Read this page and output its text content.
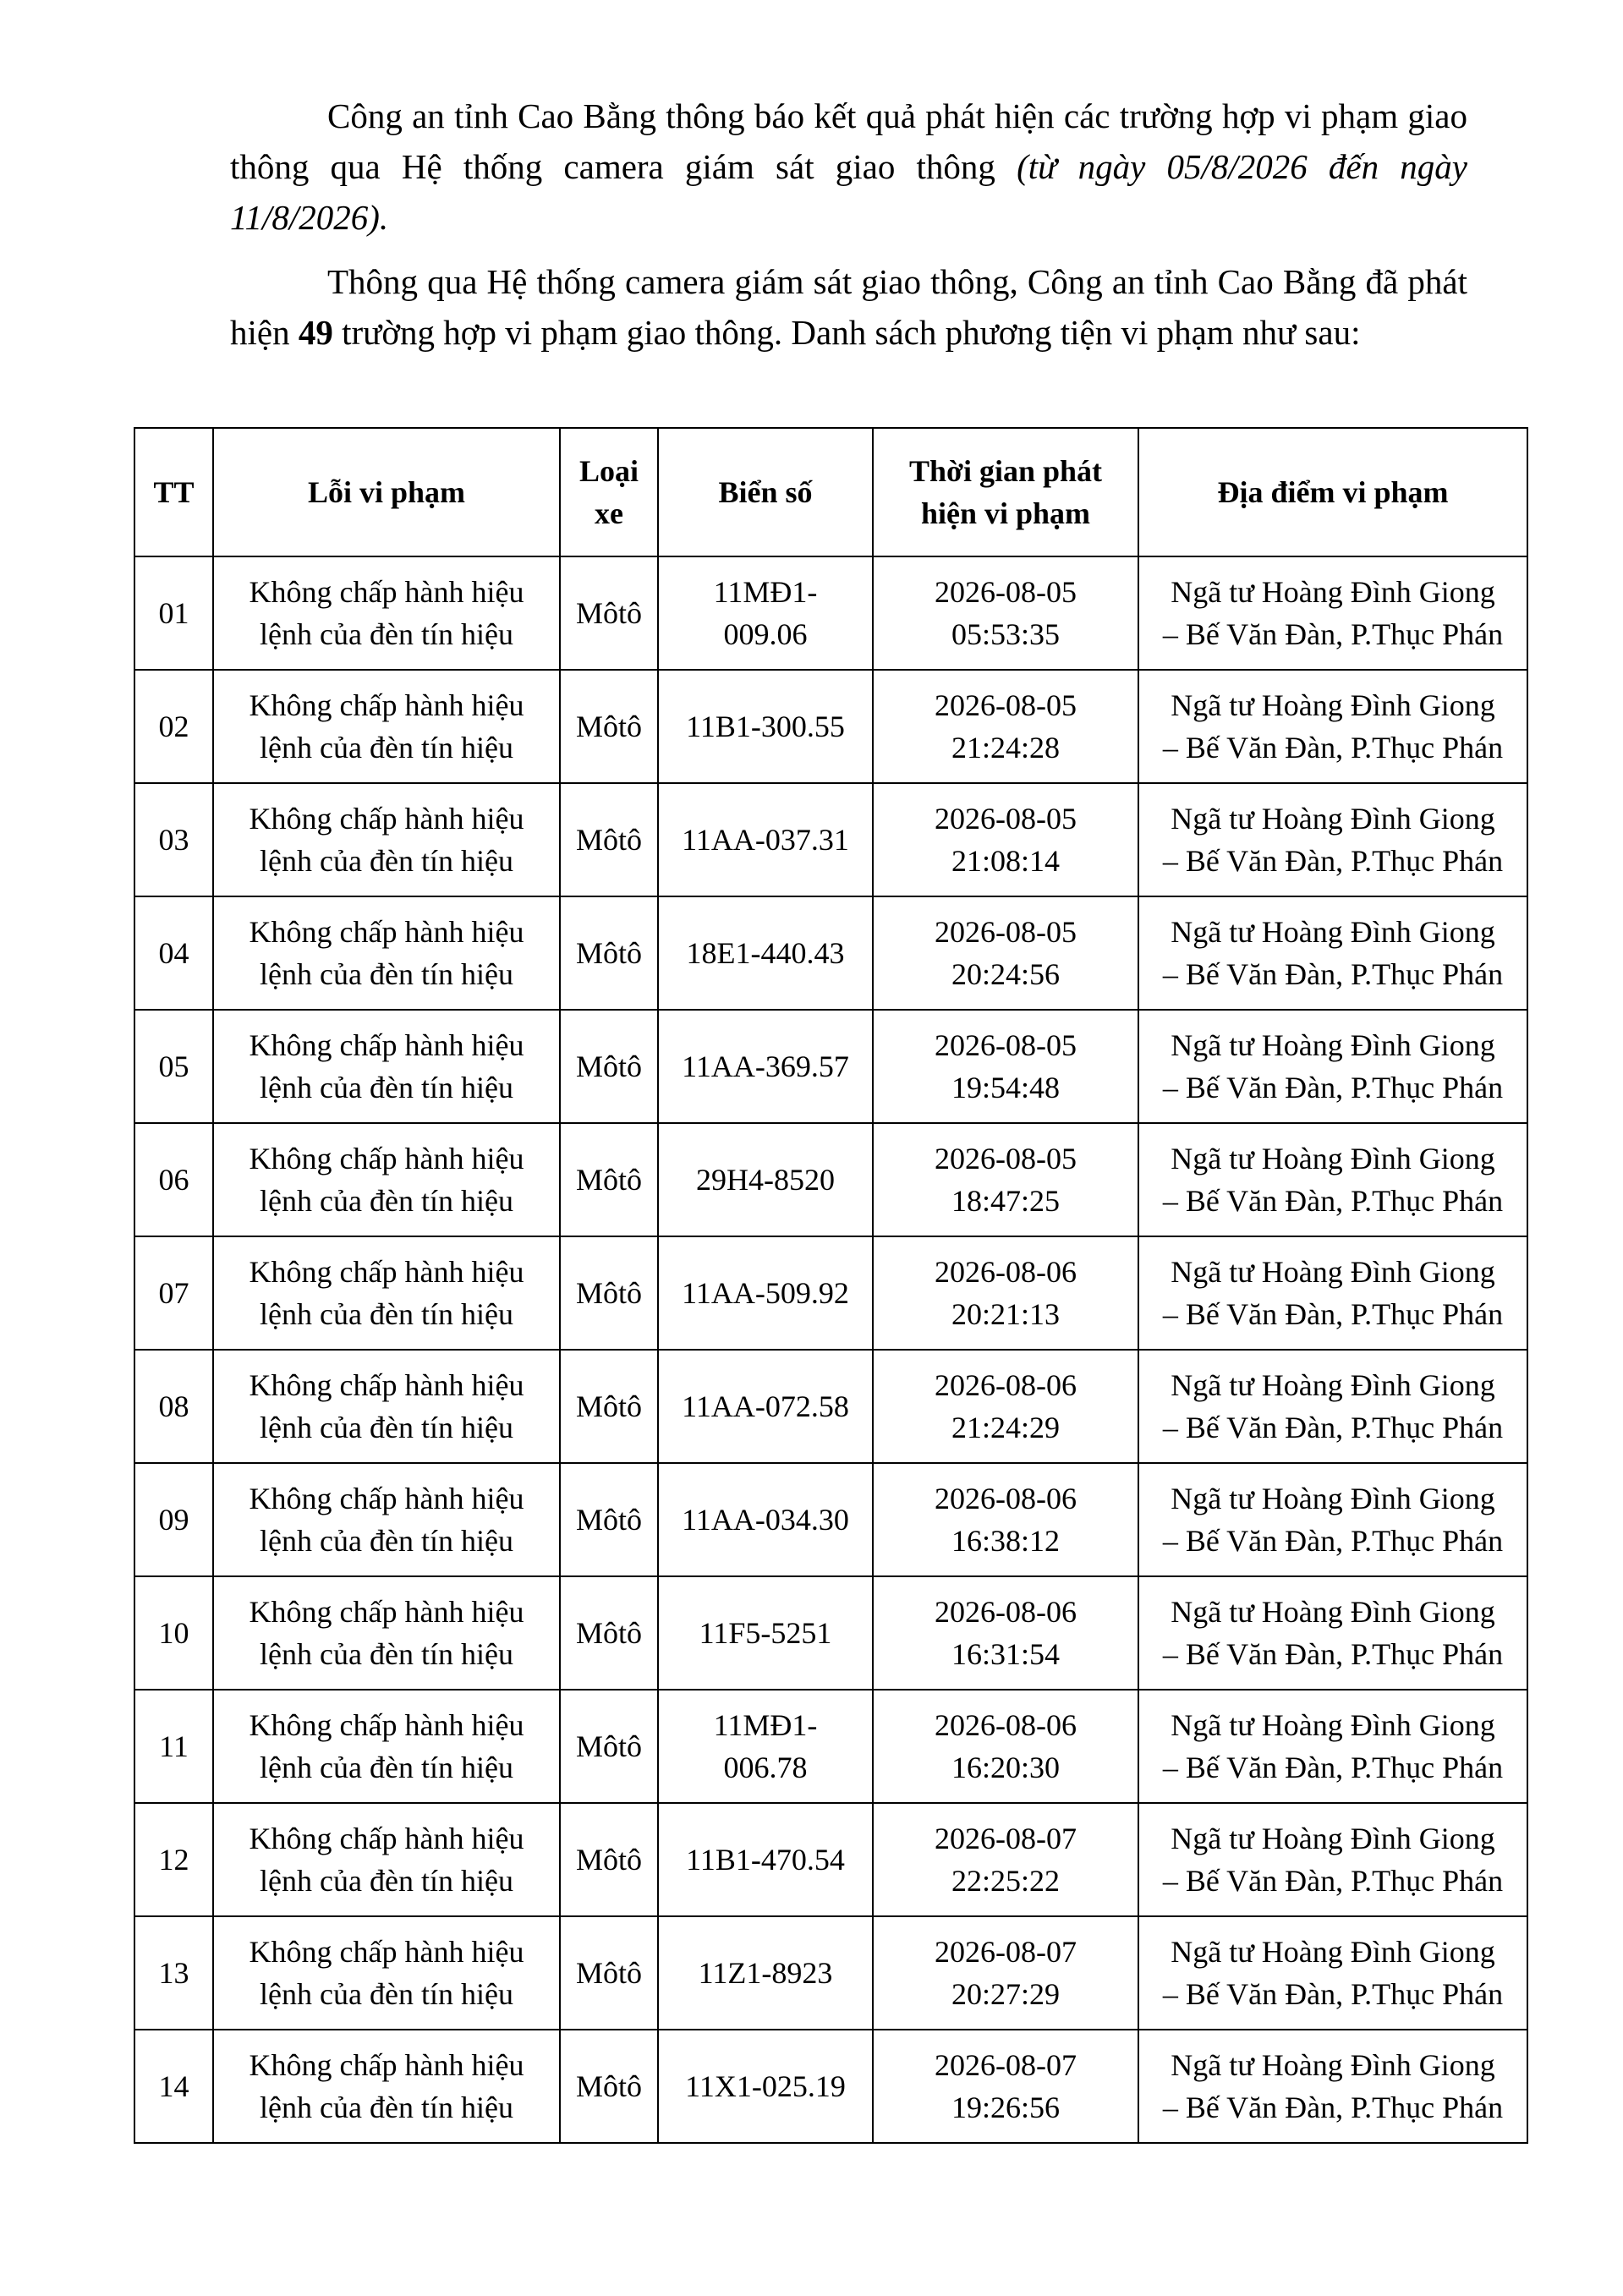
Công an tỉnh Cao Bằng thông báo kết quả phát hiện các trường hợp vi phạm giao thông qua Hệ thống camera giám sát giao thông (từ ngày 05/8/2026 đến ngày 11/8/2026).

Thông qua Hệ thống camera giám sát giao thông, Công an tỉnh Cao Bằng đã phát hiện 49 trường hợp vi phạm giao thông. Danh sách phương tiện vi phạm như sau:

TT	Lỗi vi phạm	Loại
xe	Biển số	Thời gian phát
hiện vi phạm	Địa điểm vi phạm
01	Không chấp hành hiệu
lệnh của đèn tín hiệu	Môtô	11MĐ1-
009.06	2026-08-05
05:53:35	Ngã tư Hoàng Đình Giong
– Bế Văn Đàn, P.Thục Phán

02	Không chấp hành hiệu
lệnh của đèn tín hiệu	Môtô	11B1-300.55	2026-08-05
21:24:28	Ngã tư Hoàng Đình Giong
– Bế Văn Đàn, P.Thục Phán

03	Không chấp hành hiệu
lệnh của đèn tín hiệu	Môtô	11AA-037.31	2026-08-05
21:08:14	Ngã tư Hoàng Đình Giong
– Bế Văn Đàn, P.Thục Phán

04	Không chấp hành hiệu
lệnh của đèn tín hiệu	Môtô	18E1-440.43	2026-08-05
20:24:56	Ngã tư Hoàng Đình Giong
– Bế Văn Đàn, P.Thục Phán

05	Không chấp hành hiệu
lệnh của đèn tín hiệu	Môtô	11AA-369.57	2026-08-05
19:54:48	Ngã tư Hoàng Đình Giong
– Bế Văn Đàn, P.Thục Phán

06	Không chấp hành hiệu
lệnh của đèn tín hiệu	Môtô	29H4-8520	2026-08-05
18:47:25	Ngã tư Hoàng Đình Giong
– Bế Văn Đàn, P.Thục Phán

07	Không chấp hành hiệu
lệnh của đèn tín hiệu	Môtô	11AA-509.92	2026-08-06
20:21:13	Ngã tư Hoàng Đình Giong
– Bế Văn Đàn, P.Thục Phán

08	Không chấp hành hiệu
lệnh của đèn tín hiệu	Môtô	11AA-072.58	2026-08-06
21:24:29	Ngã tư Hoàng Đình Giong
– Bế Văn Đàn, P.Thục Phán

09	Không chấp hành hiệu
lệnh của đèn tín hiệu	Môtô	11AA-034.30	2026-08-06
16:38:12	Ngã tư Hoàng Đình Giong
– Bế Văn Đàn, P.Thục Phán

10	Không chấp hành hiệu
lệnh của đèn tín hiệu	Môtô	11F5-5251	2026-08-06
16:31:54	Ngã tư Hoàng Đình Giong
– Bế Văn Đàn, P.Thục Phán

11	Không chấp hành hiệu
lệnh của đèn tín hiệu	Môtô	11MĐ1-
006.78	2026-08-06
16:20:30	Ngã tư Hoàng Đình Giong
– Bế Văn Đàn, P.Thục Phán

12	Không chấp hành hiệu
lệnh của đèn tín hiệu	Môtô	11B1-470.54	2026-08-07
22:25:22	Ngã tư Hoàng Đình Giong
– Bế Văn Đàn, P.Thục Phán

13	Không chấp hành hiệu
lệnh của đèn tín hiệu	Môtô	11Z1-8923	2026-08-07
20:27:29	Ngã tư Hoàng Đình Giong
– Bế Văn Đàn, P.Thục Phán

14	Không chấp hành hiệu
lệnh của đèn tín hiệu	Môtô	11X1-025.19	2026-08-07
19:26:56	Ngã tư Hoàng Đình Giong
– Bế Văn Đàn, P.Thục Phán
